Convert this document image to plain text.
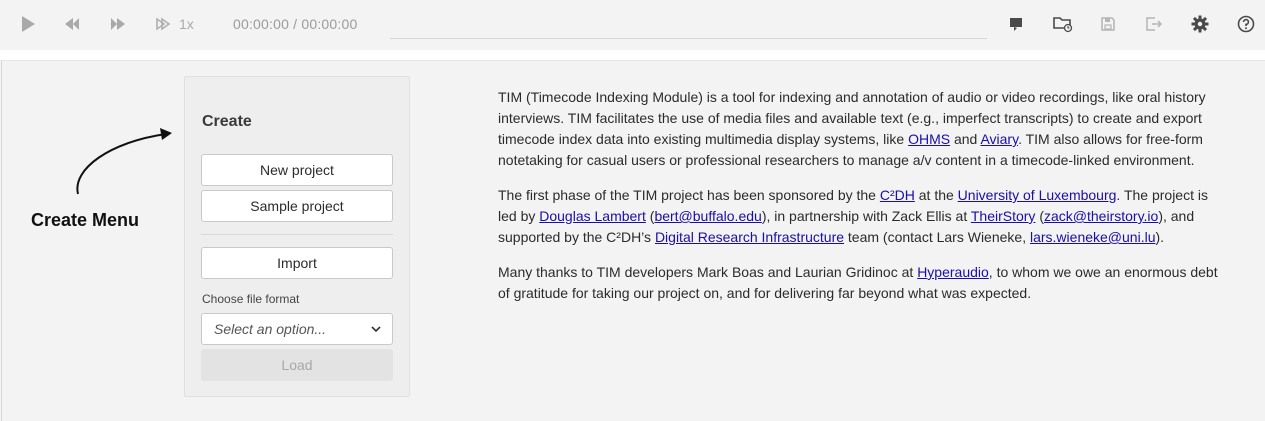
1x	00:00:00 / 00:00:00
Create Menu
Create
New project
Sample project
Import
Choose file format
Select an option...
Load

TIM (Timecode Indexing Module) is a tool for indexing and annotation of audio or video recordings, like oral history interviews. TIM facilitates the use of media files and available text (e.g., imperfect transcripts) to create and export timecode index data into existing multimedia display systems, like OHMS and Aviary. TIM also allows for free-form notetaking for casual users or professional researchers to manage a/v content in a timecode-linked environment.

The first phase of the TIM project has been sponsored by the C²DH at the University of Luxembourg. The project is led by Douglas Lambert (bert@buffalo.edu), in partnership with Zack Ellis at TheirStory (zack@theirstory.io), and supported by the C²DH’s Digital Research Infrastructure team (contact Lars Wieneke, lars.wieneke@uni.lu).

Many thanks to TIM developers Mark Boas and Laurian Gridinoc at Hyperaudio, to whom we owe an enormous debt of gratitude for taking our project on, and for delivering far beyond what was expected.
